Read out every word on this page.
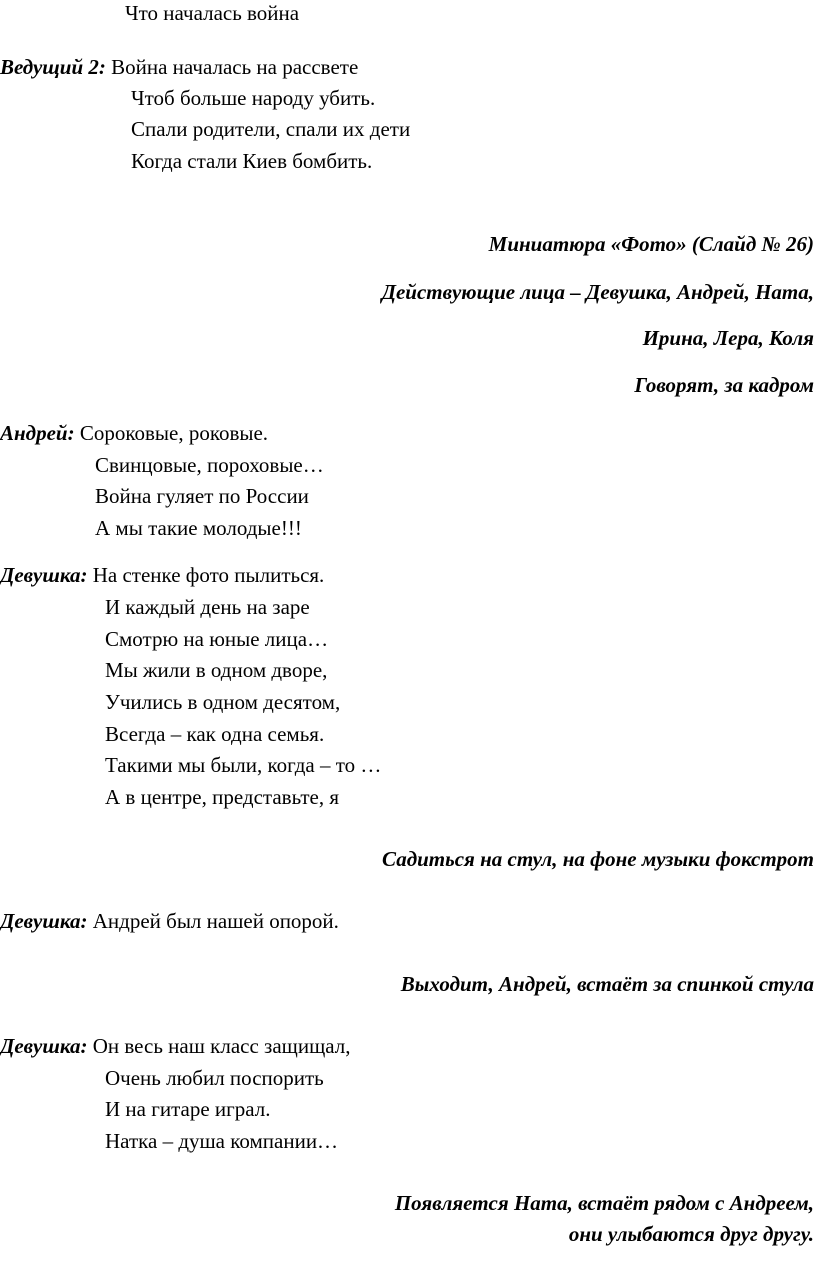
Что началась война
Ведущий 2: Война началась на рассвете
Чтоб больше народу убить.
Спали родители, спали их дети
Когда стали Киев бомбить.
Миниатюра «Фото» (Слайд № 26)
Действующие лица – Девушка, Андрей, Ната,
Ирина, Лера, Коля
Говорят, за кадром
Андрей: Сороковые, роковые.
Свинцовые, пороховые…
Война гуляет по России
А мы такие молодые!!!
Девушка: На стенке фото пылиться.
И каждый день на заре
Смотрю на юные лица…
Мы жили в одном дворе,
Учились в одном десятом,
Всегда – как одна семья.
Такими мы были, когда – то …
А в центре, представьте, я
Садиться на стул, на фоне музыки фокстрот
Девушка: Андрей был нашей опорой.
Выходит, Андрей, встаёт за спинкой стула
Девушка: Он весь наш класс защищал,
Очень любил поспорить
И на гитаре играл.
Натка – душа компании…
Появляется Ната, встаёт рядом с Андреем,
они улыбаются друг другу.
